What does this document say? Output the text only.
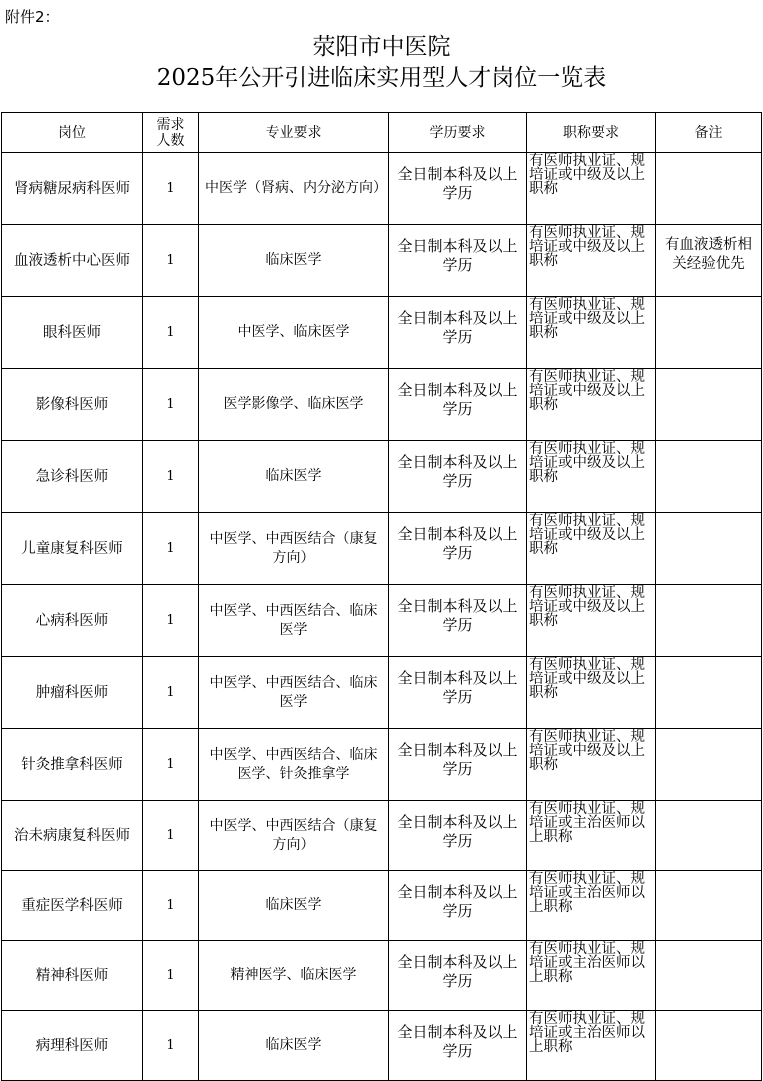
附件2：
荥阳市中医院
2025年公开引进临床实用型人才岗位一览表
岗位	需求人数	专业要求	学历要求	职称要求	备注
肾病糖尿病科医师	1	中医学（肾病、内分泌方向）	全日制本科及以上学历	有医师执业证、规培证或中级及以上职称	
血液透析中心医师	1	临床医学	全日制本科及以上学历	有医师执业证、规培证或中级及以上职称	有血液透析相关经验优先
眼科医师	1	中医学、临床医学	全日制本科及以上学历	有医师执业证、规培证或中级及以上职称	
影像科医师	1	医学影像学、临床医学	全日制本科及以上学历	有医师执业证、规培证或中级及以上职称	
急诊科医师	1	临床医学	全日制本科及以上学历	有医师执业证、规培证或中级及以上职称	
儿童康复科医师	1	中医学、中西医结合（康复方向）	全日制本科及以上学历	有医师执业证、规培证或中级及以上职称	
心病科医师	1	中医学、中西医结合、临床医学	全日制本科及以上学历	有医师执业证、规培证或中级及以上职称	
肿瘤科医师	1	中医学、中西医结合、临床医学	全日制本科及以上学历	有医师执业证、规培证或中级及以上职称	
针灸推拿科医师	1	中医学、中西医结合、临床医学、针灸推拿学	全日制本科及以上学历	有医师执业证、规培证或中级及以上职称	
治未病康复科医师	1	中医学、中西医结合（康复方向）	全日制本科及以上学历	有医师执业证、规培证或主治医师以上职称	
重症医学科医师	1	临床医学	全日制本科及以上学历	有医师执业证、规培证或主治医师以上职称	
精神科医师	1	精神医学、临床医学	全日制本科及以上学历	有医师执业证、规培证或主治医师以上职称	
病理科医师	1	临床医学	全日制本科及以上学历	有医师执业证、规培证或主治医师以上职称	
